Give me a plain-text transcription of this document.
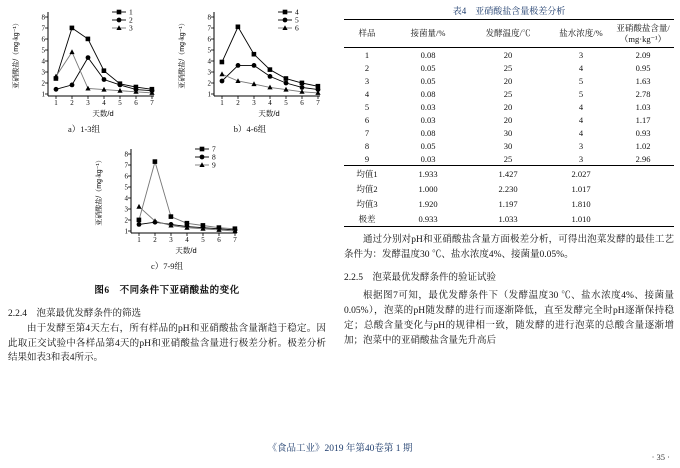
1
2
3
4
5
6
7
8
1 2 3 4 5 6 7
天数/d
亚硝酸盐/（mg·kg⁻¹）
1
2
3
a）1-3组
1
2
3
4
5
6
7
8
1 2 3 4 5 6 7
天数/d
亚硝酸盐/（mg·kg⁻¹）
4
5
6
b）4-6组
1
2
3
4
5
6
7
8
1 2 3 4 5 6 7
天数/d
亚硝酸盐/（mg·kg⁻¹）
7
8
9
c）7-9组
图6　不同条件下亚硝酸盐的变化
2.2.4 泡菜最优发酵条件的筛选
由于发酵至第4天左右，所有样品的pH和亚硝酸盐含量渐趋于稳定。因此取正交试验中各样品第4天的pH和亚硝酸盐含量进行极差分析。极差分析结果如表3和表4所示。
表4　亚硝酸盐含量极差分析
样品	接菌量/%	发酵温度/℃	盐水浓度/%	亚硝酸盐含量/
（mg·kg⁻¹）
1	0.08	20	3	2.09
2	0.05	25	4	0.95
3	0.05	20	5	1.63
4	0.08	25	5	2.78
5	0.03	20	4	1.03
6	0.03	20	4	1.17
7	0.08	30	4	0.93
8	0.05	30	3	1.02
9	0.03	25	3	2.96
均值1	1.933	1.427	2.027	
均值2	1.000	2.230	1.017	
均值3	1.920	1.197	1.810	
极差	0.933	1.033	1.010	
通过分别对pH和亚硝酸盐含量方面极差分析，可得出泡菜发酵的最佳工艺条件为：发酵温度30 ℃、盐水浓度4%、接菌量0.05%。
2.2.5 泡菜最优发酵条件的验证试验
根据图7可知，最优发酵条件下（发酵温度30 ℃、盐水浓度4%、接菌量0.05%），泡菜的pH随发酵的进行而逐渐降低，直至发酵完全时pH逐渐保持稳定；总酸含量变化与pH的规律相一致，随发酵的进行泡菜的总酸含量逐渐增加；泡菜中的亚硝酸盐含量先升高后
《食品工业》2019 年第40卷第 1 期
· 35 ·
